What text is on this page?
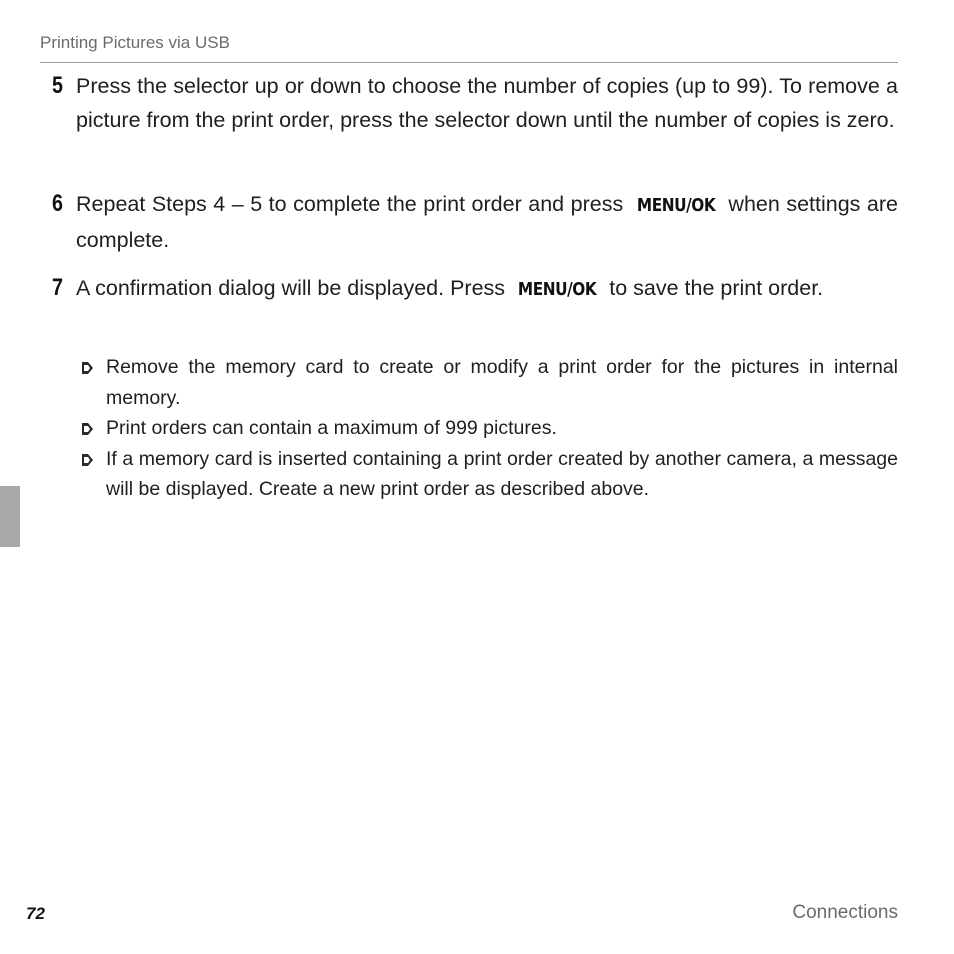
Printing Pictures via USB
5 Press the selector up or down to choose the number of copies (up to 99). To remove a picture from the print order, press the selector down until the number of copies is zero.
6 Repeat Steps 4 – 5 to complete the print order and press MENU/OK when settings are complete.
7 A confirmation dialog will be displayed. Press MENU/OK to save the print order.
Remove the memory card to create or modify a print order for the pictures in internal memory.
Print orders can contain a maximum of 999 pictures.
If a memory card is inserted containing a print order created by another camera, a message will be displayed. Create a new print order as described above.
72	Connections
